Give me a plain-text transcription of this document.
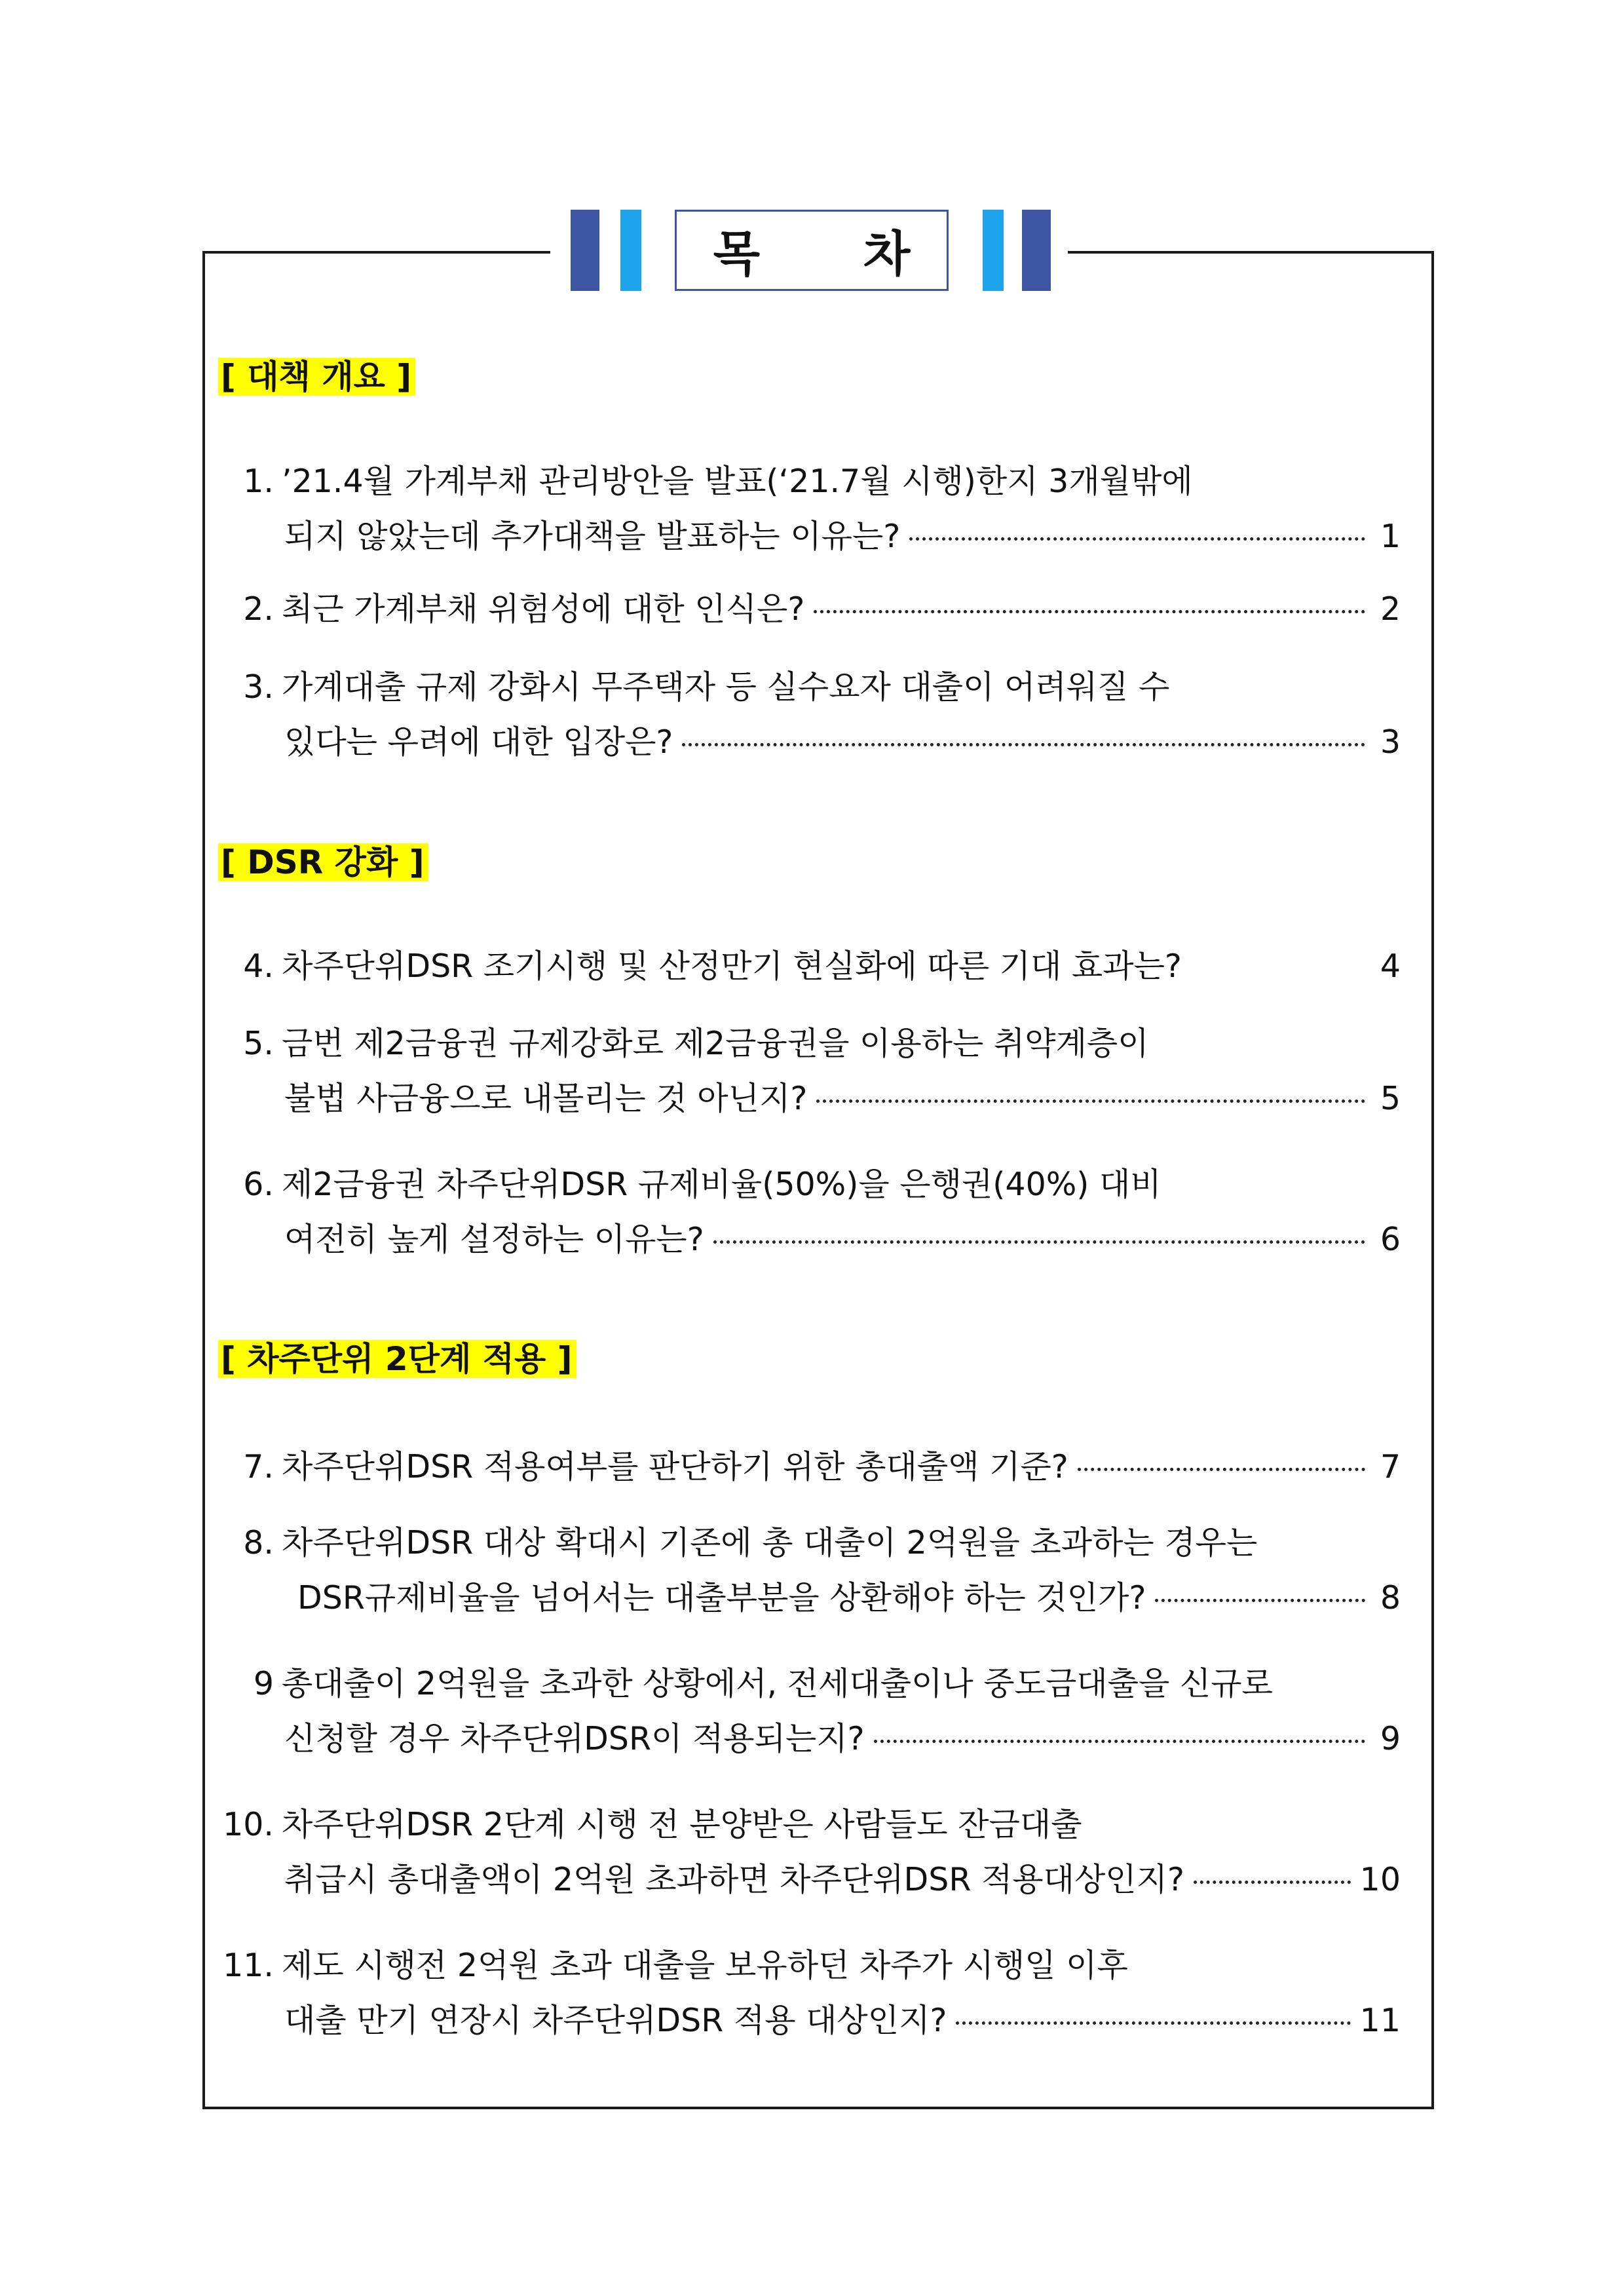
목 차
[ 대책 개요 ]
1. ’21.4월 가계부채 관리방안을 발표(‘21.7월 시행)한지 3개월밖에
되지 않았는데 추가대책을 발표하는 이유는?	1
2. 최근 가계부채 위험성에 대한 인식은?	2
3. 가계대출 규제 강화시 무주택자 등 실수요자 대출이 어려워질 수
있다는 우려에 대한 입장은?	3
[ DSR 강화 ]
4. 차주단위DSR 조기시행 및 산정만기 현실화에 따른 기대 효과는?	4
5. 금번 제2금융권 규제강화로 제2금융권을 이용하는 취약계층이
불법 사금융으로 내몰리는 것 아닌지?	5
6. 제2금융권 차주단위DSR 규제비율(50%)을 은행권(40%) 대비
여전히 높게 설정하는 이유는?	6
[ 차주단위 2단계 적용 ]
7. 차주단위DSR 적용여부를 판단하기 위한 총대출액 기준?	7
8. 차주단위DSR 대상 확대시 기존에 총 대출이 2억원을 초과하는 경우는
DSR규제비율을 넘어서는 대출부분을 상환해야 하는 것인가?	8
9 총대출이 2억원을 초과한 상황에서, 전세대출이나 중도금대출을 신규로
신청할 경우 차주단위DSR이 적용되는지?	9
10. 차주단위DSR 2단계 시행 전 분양받은 사람들도 잔금대출
취급시 총대출액이 2억원 초과하면 차주단위DSR 적용대상인지?	10
11. 제도 시행전 2억원 초과 대출을 보유하던 차주가 시행일 이후
대출 만기 연장시 차주단위DSR 적용 대상인지?	11
